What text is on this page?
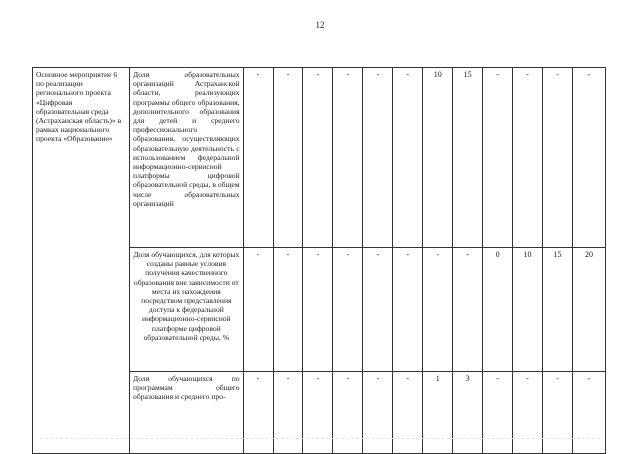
12
Основное мероприятие 6 по реализации регионального проекта «Цифровая образовательная среда (Астраханская область)» в рамках национального проекта «Образование»	Доля образовательных организаций Астраханской области, реализующих программы общего образования, дополнительного образования для детей и среднего профессионального образования, осуществляющих образовательную деятельность с использованием федеральной информационно-сервисной платформы цифровой образовательной среды, в общем числе образовательных организаций	-	-	-	-	-	-	10	15	-	-	-	-
	Доля обучающихся, для которых созданы равные условия получения качественного образования вне зависимости от места их нахождения посредством представления доступа к федеральной информационно-сервисной платформе цифровой образовательной среды, %	-	-	-	-	-	-	-	-	0	10	15	20
	Доля обучающихся по программам общего образования и среднего про-	-	-	-	-	-	-	1	3	-	-	-	-
